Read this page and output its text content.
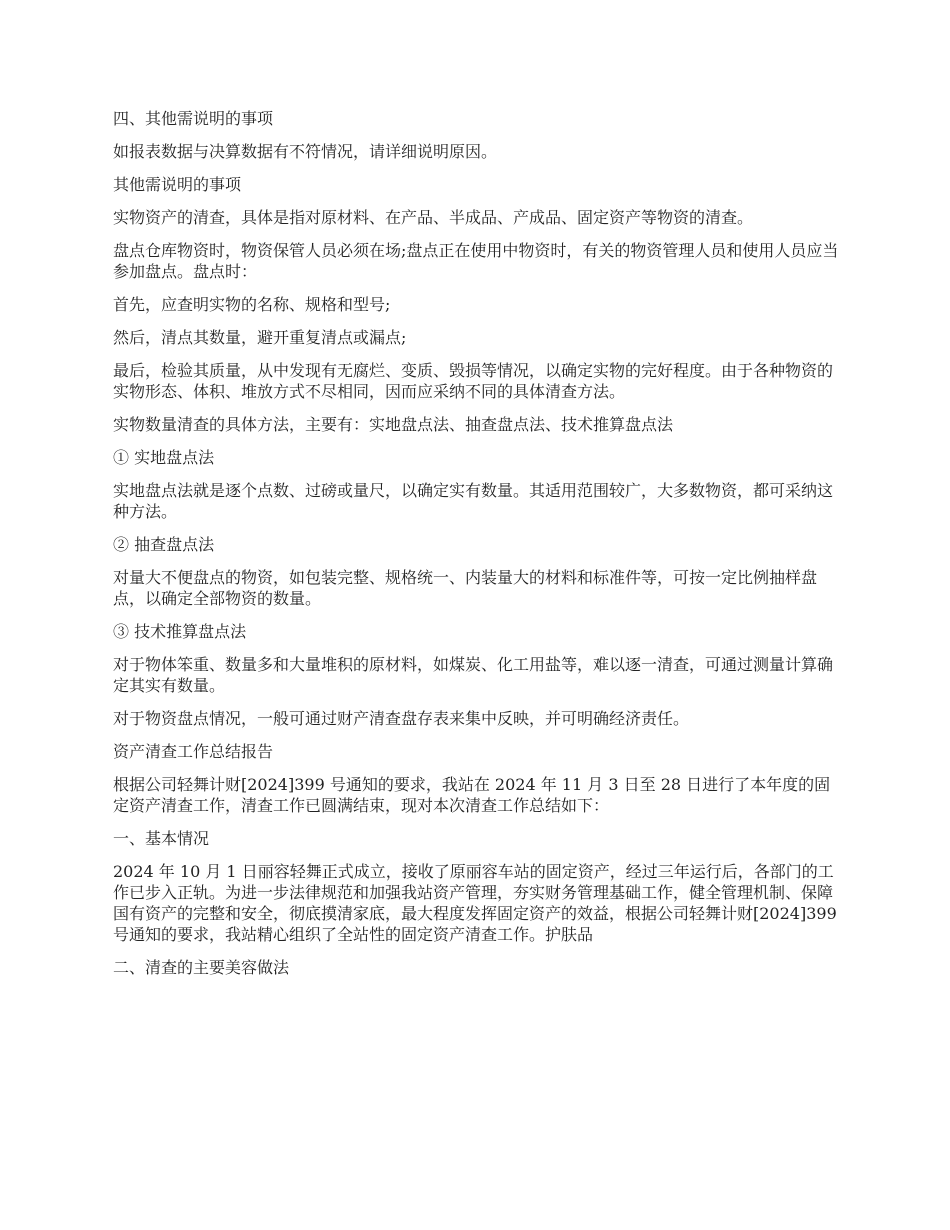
四、其他需说明的事项

如报表数据与决算数据有不符情况，请详细说明原因。

其他需说明的事项

实物资产的清查，具体是指对原材料、在产品、半成品、产成品、固定资产等物资的清查。

盘点仓库物资时，物资保管人员必须在场;盘点正在使用中物资时，有关的物资管理人员和使用人员应当参加盘点。盘点时：

首先，应查明实物的名称、规格和型号;

然后，清点其数量，避开重复清点或漏点;

最后，检验其质量，从中发现有无腐烂、变质、毁损等情况，以确定实物的完好程度。由于各种物资的实物形态、体积、堆放方式不尽相同，因而应采纳不同的具体清查方法。

实物数量清查的具体方法，主要有：实地盘点法、抽查盘点法、技术推算盘点法

① 实地盘点法

实地盘点法就是逐个点数、过磅或量尺，以确定实有数量。其适用范围较广，大多数物资，都可采纳这种方法。

② 抽查盘点法

对量大不便盘点的物资，如包装完整、规格统一、内装量大的材料和标准件等，可按一定比例抽样盘点，以确定全部物资的数量。

③ 技术推算盘点法

对于物体笨重、数量多和大量堆积的原材料，如煤炭、化工用盐等，难以逐一清查，可通过测量计算确定其实有数量。

对于物资盘点情况，一般可通过财产清查盘存表来集中反映，并可明确经济责任。

资产清查工作总结报告

根据公司轻舞计财[2024]399 号通知的要求，我站在 2024 年 11 月 3 日至 28 日进行了本年度的固定资产清查工作，清查工作已圆满结束，现对本次清查工作总结如下：

一、基本情况

2024 年 10 月 1 日丽容轻舞正式成立，接收了原丽容车站的固定资产，经过三年运行后，各部门的工作已步入正轨。为进一步法律规范和加强我站资产管理，夯实财务管理基础工作，健全管理机制、保障国有资产的完整和安全，彻底摸清家底，最大程度发挥固定资产的效益，根据公司轻舞计财[2024]399 号通知的要求，我站精心组织了全站性的固定资产清查工作。护肤品

二、清查的主要美容做法
